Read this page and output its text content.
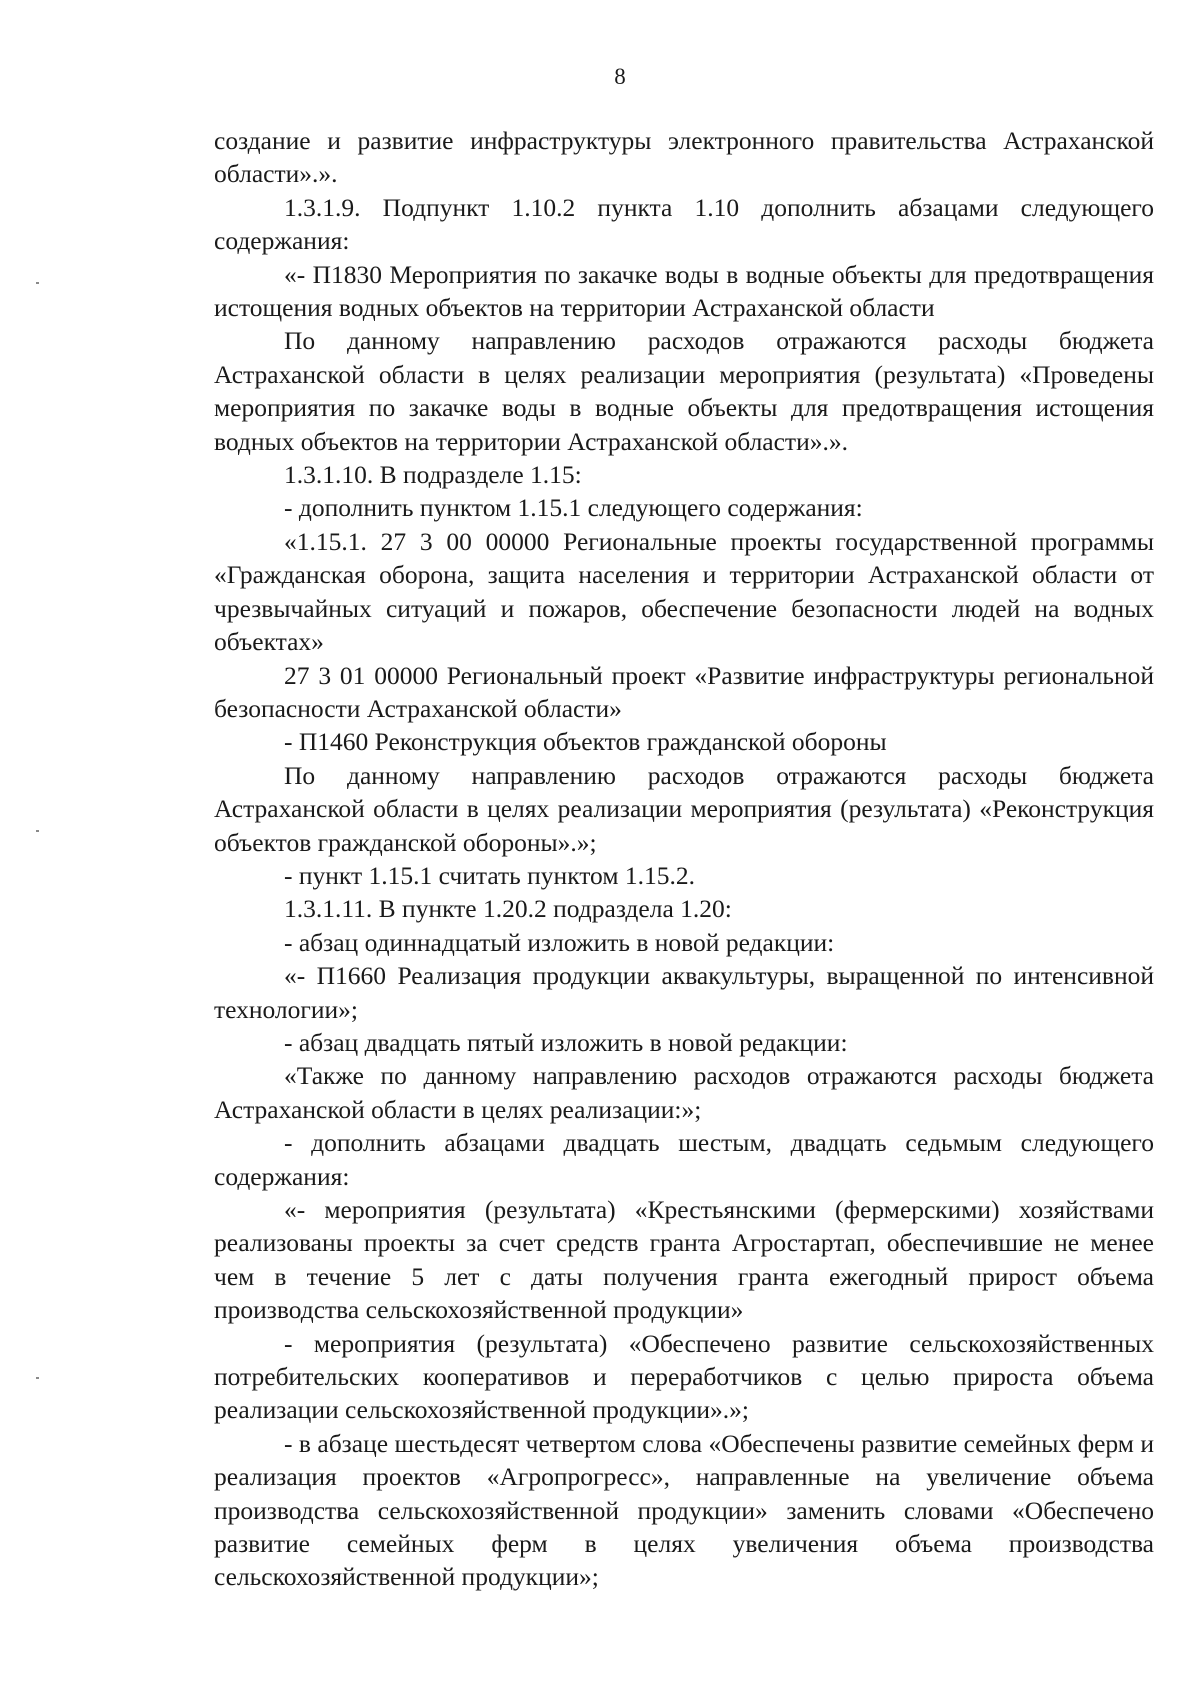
8

создание и развитие инфраструктуры электронного правительства Астраханской области».».

1.3.1.9. Подпункт 1.10.2 пункта 1.10 дополнить абзацами следующего содержания:

«- П1830 Мероприятия по закачке воды в водные объекты для предотвращения истощения водных объектов на территории Астраханской области

По данному направлению расходов отражаются расходы бюджета Астраханской области в целях реализации мероприятия (результата) «Проведены мероприятия по закачке воды в водные объекты для предотвращения истощения водных объектов на территории Астраханской области».».

1.3.1.10. В подразделе 1.15:

- дополнить пунктом 1.15.1 следующего содержания:

«1.15.1. 27 3 00 00000 Региональные проекты государственной программы «Гражданская оборона, защита населения и территории Астраханской области от чрезвычайных ситуаций и пожаров, обеспечение безопасности людей на водных объектах»

27 3 01 00000 Региональный проект «Развитие инфраструктуры региональной безопасности Астраханской области»

- П1460 Реконструкция объектов гражданской обороны

По данному направлению расходов отражаются расходы бюджета Астраханской области в целях реализации мероприятия (результата) «Реконструкция объектов гражданской обороны».»;

- пункт 1.15.1 считать пунктом 1.15.2.

1.3.1.11. В пункте 1.20.2 подраздела 1.20:

- абзац одиннадцатый изложить в новой редакции:

«- П1660 Реализация продукции аквакультуры, выращенной по интенсивной технологии»;

- абзац двадцать пятый изложить в новой редакции:

«Также по данному направлению расходов отражаются расходы бюджета Астраханской области в целях реализации:»;

- дополнить абзацами двадцать шестым, двадцать седьмым следующего содержания:

«- мероприятия (результата) «Крестьянскими (фермерскими) хозяйствами реализованы проекты за счет средств гранта Агростартап, обеспечившие не менее чем в течение 5 лет с даты получения гранта ежегодный прирост объема производства сельскохозяйственной продукции»

- мероприятия (результата) «Обеспечено развитие сельскохозяйственных потребительских кооперативов и переработчиков с целью прироста объема реализации сельскохозяйственной продукции».»;

- в абзаце шестьдесят четвертом слова «Обеспечены развитие семейных ферм и реализация проектов «Агропрогресс», направленные на увеличение объема производства сельскохозяйственной продукции» заменить словами «Обеспечено развитие семейных ферм в целях увеличения объема производства сельскохозяйственной продукции»;
